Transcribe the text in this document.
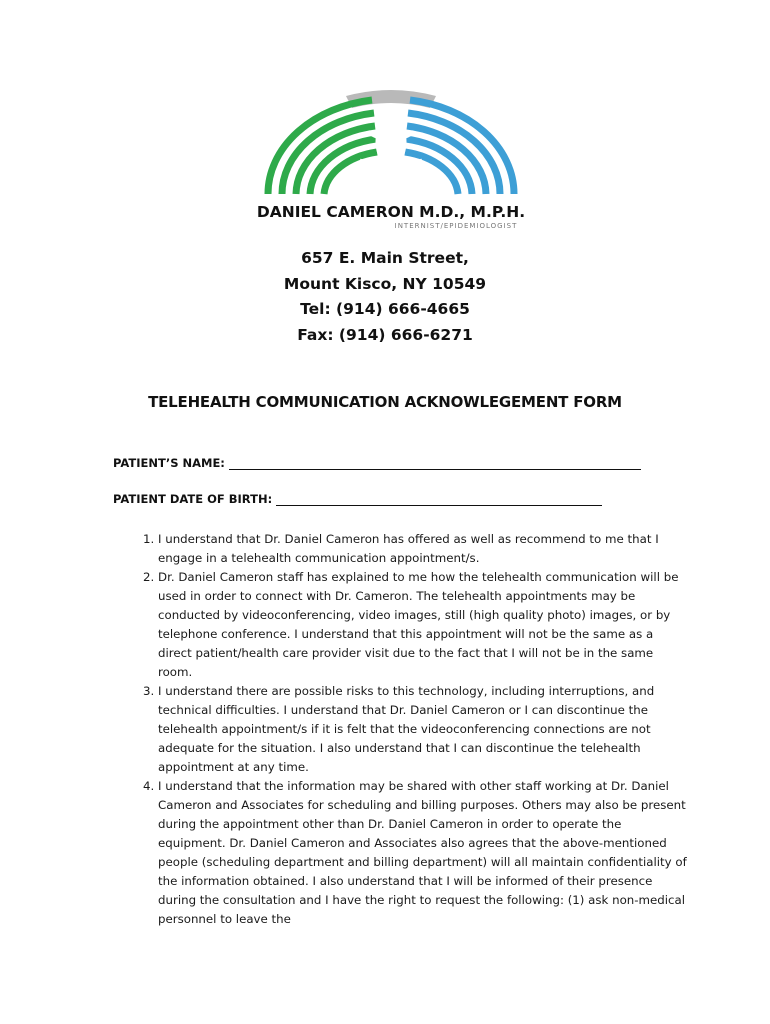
DANIEL CAMERON M.D., M.P.H.
INTERNIST/EPIDEMIOLOGIST
657 E. Main Street,
Mount Kisco, NY 10549
Tel: (914) 666-4665
Fax: (914) 666-6271
TELEHEALTH COMMUNICATION ACKNOWLEGEMENT FORM
PATIENT’S NAME:
PATIENT DATE OF BIRTH:
1. I understand that Dr. Daniel Cameron has offered as well as recommend to me that I engage in a telehealth communication appointment/s.
2. Dr. Daniel Cameron staff has explained to me how the telehealth communication will be used in order to connect with Dr. Cameron. The telehealth appointments may be conducted by videoconferencing, video images, still (high quality photo) images, or by telephone conference. I understand that this appointment will not be the same as a direct patient/health care provider visit due to the fact that I will not be in the same room.
3. I understand there are possible risks to this technology, including interruptions, and technical difficulties. I understand that Dr. Daniel Cameron or I can discontinue the telehealth appointment/s if it is felt that the videoconferencing connections are not adequate for the situation. I also understand that I can discontinue the telehealth appointment at any time.
4. I understand that the information may be shared with other staff working at Dr. Daniel Cameron and Associates for scheduling and billing purposes. Others may also be present during the appointment other than Dr. Daniel Cameron in order to operate the equipment. Dr. Daniel Cameron and Associates also agrees that the above-mentioned people (scheduling department and billing department) will all maintain confidentiality of the information obtained. I also understand that I will be informed of their presence during the consultation and I have the right to request the following: (1) ask non-medical personnel to leave the
